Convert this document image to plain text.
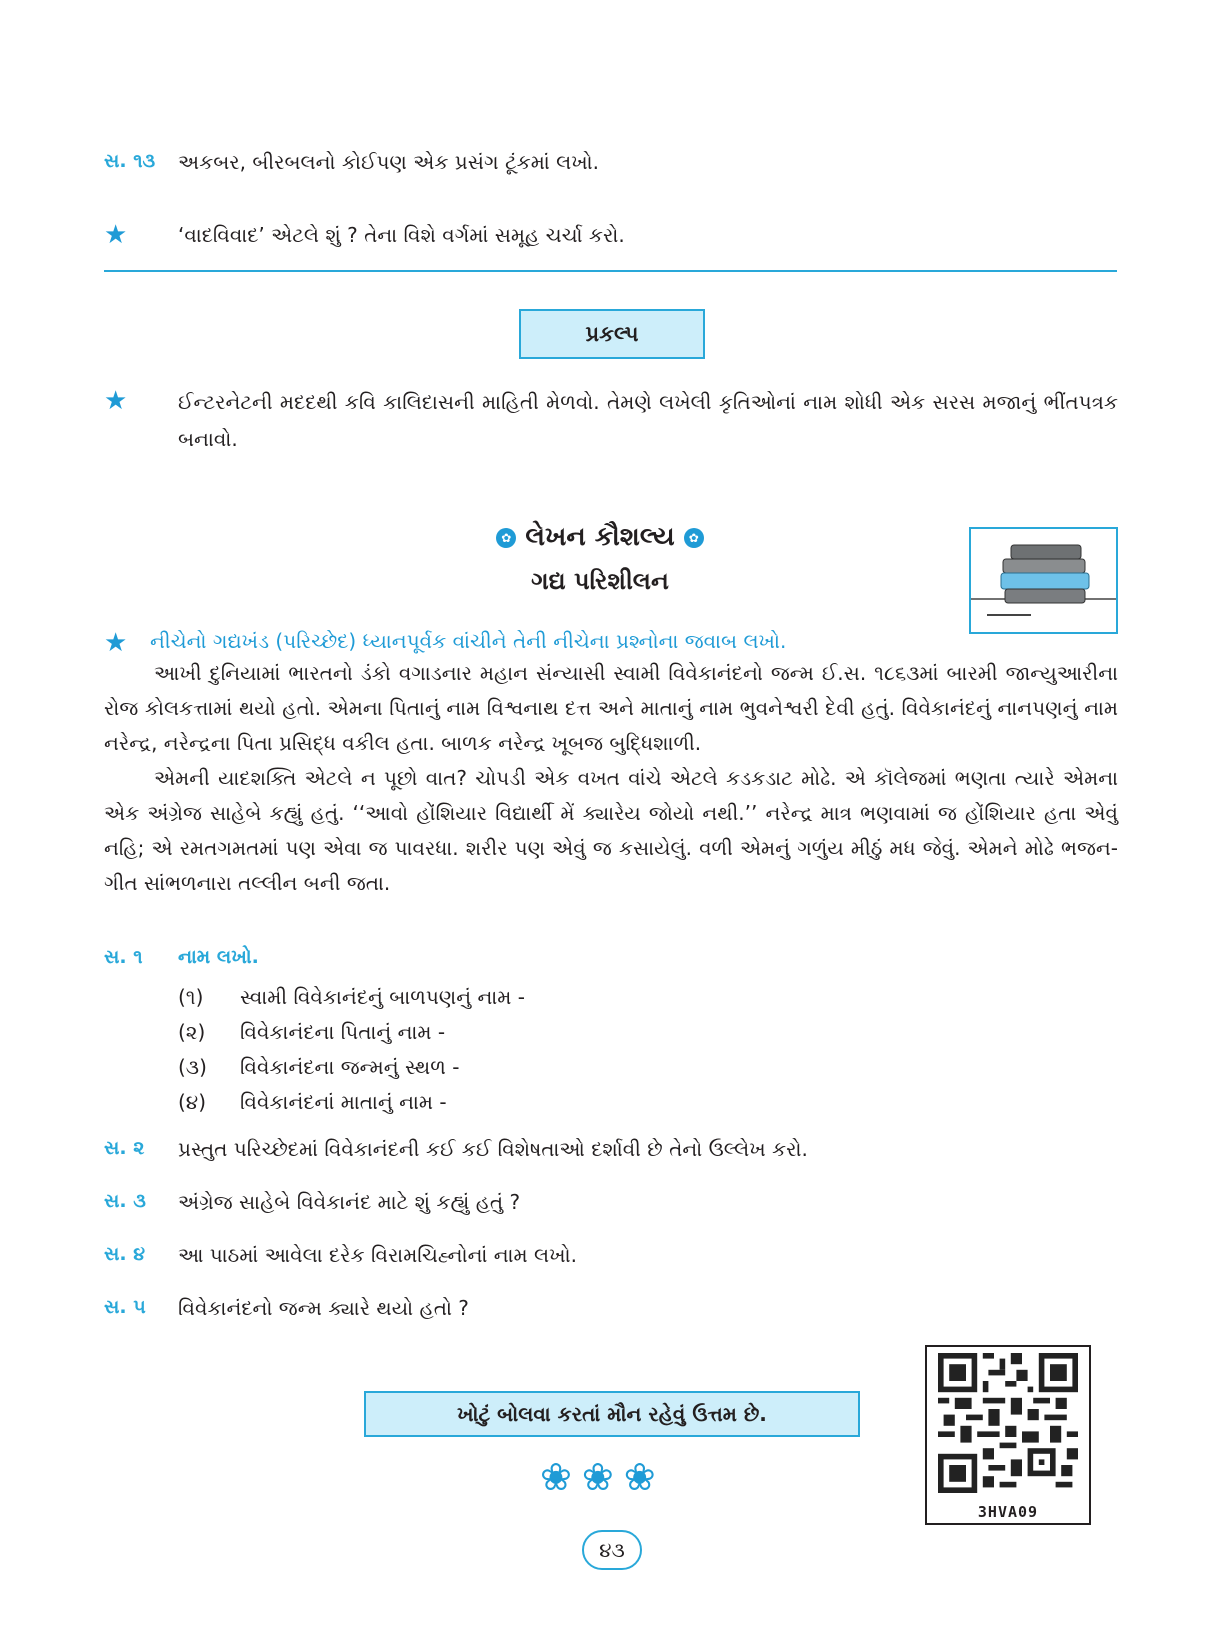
સ. ૧૩ અકબર, બીરબલનો કોઈપણ એક પ્રસંગ ટૂંકમાં લખો.
★	‘વાદવિવાદ’ એટલે શું ? તેના વિશે વર્ગમાં સમૂહ ચર્ચા કરો.
પ્રકલ્પ
★	ઈન્ટરનેટની મદદથી કવિ કાલિદાસની માહિતી મેળવો. તેમણે લખેલી કૃતિઓનાં નામ શોધી એક સરસ મજાનું ભીંતપત્રક બનાવો.
✿ લેખન કૌશલ્ય ✿
ગદ્ય પરિશીલન
★ નીચેનો ગદ્યખંડ (પરિચ્છેદ) ધ્યાનપૂર્વક વાંચીને તેની નીચેના પ્રશ્નોના જવાબ લખો.

આખી દુનિયામાં ભારતનો ડંકો વગાડનાર મહાન સંન્યાસી સ્વામી વિવેકાનંદનો જન્મ ઈ.સ. ૧૮૬૩માં બારમી જાન્યુઆરીના રોજ કોલકત્તામાં થયો હતો. એમના પિતાનું નામ વિશ્વનાથ દત્ત અને માતાનું નામ ભુવનેશ્વરી દેવી હતું. વિવેકાનંદનું નાનપણનું નામ નરેન્દ્ર, નરેન્દ્રના પિતા પ્રસિદ્ધ વકીલ હતા. બાળક નરેન્દ્ર ખૂબજ બુદ્ધિશાળી.

એમની યાદશક્તિ એટલે ન પૂછો વાત? ચોપડી એક વખત વાંચે એટલે કડકડાટ મોઢે. એ કૉલેજમાં ભણતા ત્યારે એમના એક અંગ્રેજ સાહેબે કહ્યું હતું. ‘‘આવો હોંશિયાર વિદ્યાર્થી મેં ક્યારેય જોયો નથી.’’ નરેન્દ્ર માત્ર ભણવામાં જ હોંશિયાર હતા એવું નહિ; એ રમતગમતમાં પણ એવા જ પાવરધા. શરીર પણ એવું જ કસાયેલું. વળી એમનું ગળુંય મીઠું મધ જેવું. એમને મોઢે ભજન-ગીત સાંભળનારા તલ્લીન બની જતા.

સ. ૧ નામ લખો.
(૧) સ્વામી વિવેકાનંદનું બાળપણનું નામ -
(૨) વિવેકાનંદના પિતાનું નામ -
(૩) વિવેકાનંદના જન્મનું સ્થળ -
(૪) વિવેકાનંદનાં માતાનું નામ -
સ. ૨ પ્રસ્તુત પરિચ્છેદમાં વિવેકાનંદની કઈ કઈ વિશેષતાઓ દર્શાવી છે તેનો ઉલ્લેખ કરો.
સ. ૩ અંગ્રેજ સાહેબે વિવેકાનંદ માટે શું કહ્યું હતું ?
સ. ૪ આ પાઠમાં આવેલા દરેક વિરામચિહ્નોનાં નામ લખો.
સ. ૫ વિવેકાનંદનો જન્મ ક્યારે થયો હતો ?
ખોટું બોલવા કરતાં મૌન રહેવું ઉત્તમ છે.
❀❀❀
3HVA09
૪૩
